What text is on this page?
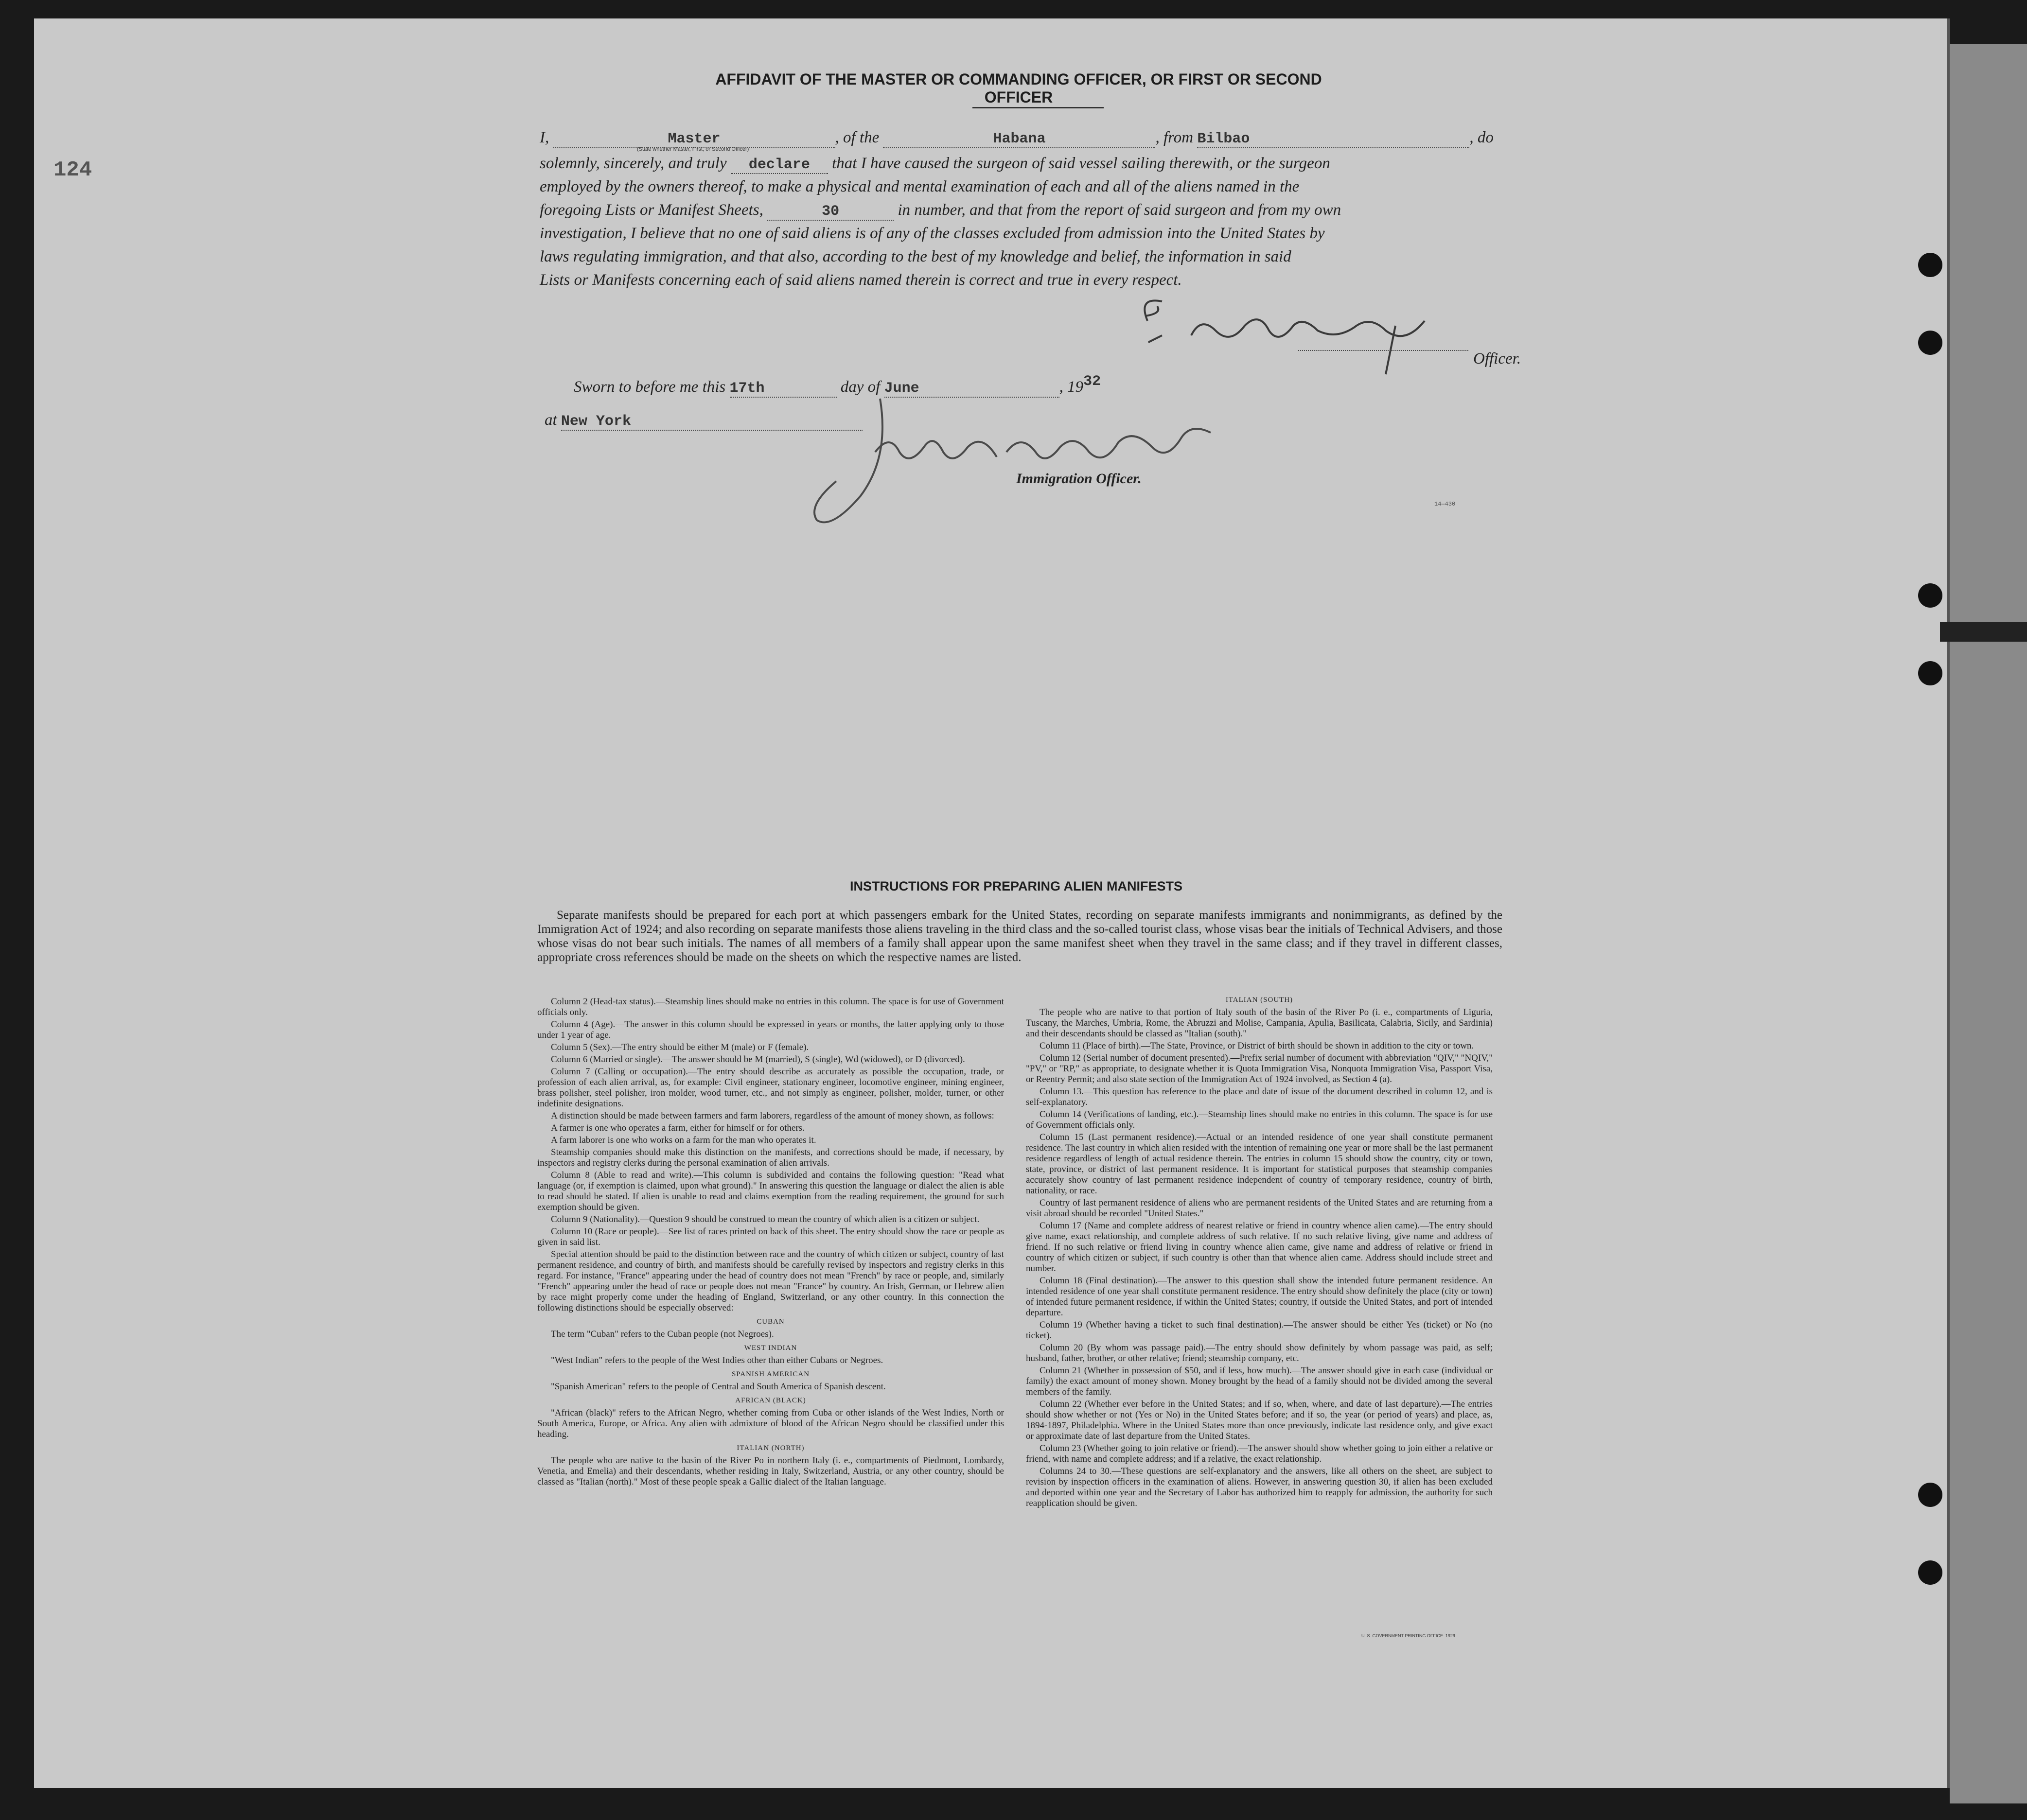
124
14—430
AFFIDAVIT OF THE MASTER OR COMMANDING OFFICER, OR FIRST OR SECOND OFFICER
I,	Master	, of the	Habana	, from Bilbao	, do
(State whether Master, First, or Second Officer)
solemnly, sincerely, and truly declare that I have caused the surgeon of said vessel sailing therewith, or the surgeon
employed by the owners thereof, to make a physical and mental examination of each and all of the aliens named in the
foregoing Lists or Manifest Sheets,	30	in number, and that from the report of said surgeon and from my own
investigation, I believe that no one of said aliens is of any of the classes excluded from admission into the United States by
laws regulating immigration, and that also, according to the best of my knowledge and belief, the information in said
Lists or Manifests concerning each of said aliens named therein is correct and true in every respect.
Officer.
Sworn to before me this 17th	day of June	, 1932
at New York
Immigration Officer.
INSTRUCTIONS FOR PREPARING ALIEN MANIFESTS
Separate manifests should be prepared for each port at which passengers embark for the United States, recording on separate manifests immigrants and nonimmigrants, as defined by the Immigration Act of 1924; and also recording on separate manifests those aliens traveling in the third class and the so-called tourist class, whose visas bear the initials of Technical Advisers, and those whose visas do not bear such initials. The names of all members of a family shall appear upon the same manifest sheet when they travel in the same class; and if they travel in different classes, appropriate cross references should be made on the sheets on which the respective names are listed.

Column 2 (Head-tax status).—Steamship lines should make no entries in this column. The space is for use of Government officials only.

Column 4 (Age).—The answer in this column should be expressed in years or months, the latter applying only to those under 1 year of age.

Column 5 (Sex).—The entry should be either M (male) or F (female).

Column 6 (Married or single).—The answer should be M (married), S (single), Wd (widowed), or D (divorced).

Column 7 (Calling or occupation).—The entry should describe as accurately as possible the occupation, trade, or profession of each alien arrival, as, for example: Civil engineer, stationary engineer, locomotive engineer, mining engineer, brass polisher, steel polisher, iron molder, wood turner, etc., and not simply as engineer, polisher, molder, turner, or other indefinite designations.

A distinction should be made between farmers and farm laborers, regardless of the amount of money shown, as follows:

A farmer is one who operates a farm, either for himself or for others.

A farm laborer is one who works on a farm for the man who operates it.

Steamship companies should make this distinction on the manifests, and corrections should be made, if necessary, by inspectors and registry clerks during the personal examination of alien arrivals.

Column 8 (Able to read and write).—This column is subdivided and contains the following question: "Read what language (or, if exemption is claimed, upon what ground)." In answering this question the language or dialect the alien is able to read should be stated. If alien is unable to read and claims exemption from the reading requirement, the ground for such exemption should be given.

Column 9 (Nationality).—Question 9 should be construed to mean the country of which alien is a citizen or subject.

Column 10 (Race or people).—See list of races printed on back of this sheet. The entry should show the race or people as given in said list.

Special attention should be paid to the distinction between race and the country of which citizen or subject, country of last permanent residence, and country of birth, and manifests should be carefully revised by inspectors and registry clerks in this regard. For instance, "France" appearing under the head of country does not mean "French" by race or people, and, similarly "French" appearing under the head of race or people does not mean "France" by country. An Irish, German, or Hebrew alien by race might properly come under the heading of England, Switzerland, or any other country. In this connection the following distinctions should be especially observed:

CUBAN

The term "Cuban" refers to the Cuban people (not Negroes).

WEST INDIAN

"West Indian" refers to the people of the West Indies other than either Cubans or Negroes.

SPANISH AMERICAN

"Spanish American" refers to the people of Central and South America of Spanish descent.

AFRICAN (BLACK)

"African (black)" refers to the African Negro, whether coming from Cuba or other islands of the West Indies, North or South America, Europe, or Africa. Any alien with admixture of blood of the African Negro should be classified under this heading.

ITALIAN (NORTH)

The people who are native to the basin of the River Po in northern Italy (i. e., compartments of Piedmont, Lombardy, Venetia, and Emelia) and their descendants, whether residing in Italy, Switzerland, Austria, or any other country, should be classed as "Italian (north)." Most of these people speak a Gallic dialect of the Italian language.

ITALIAN (SOUTH)

The people who are native to that portion of Italy south of the basin of the River Po (i. e., compartments of Liguria, Tuscany, the Marches, Umbria, Rome, the Abruzzi and Molise, Campania, Apulia, Basilicata, Calabria, Sicily, and Sardinia) and their descendants should be classed as "Italian (south)."

Column 11 (Place of birth).—The State, Province, or District of birth should be shown in addition to the city or town.

Column 12 (Serial number of document presented).—Prefix serial number of document with abbreviation "QIV," "NQIV," "PV," or "RP," as appropriate, to designate whether it is Quota Immigration Visa, Nonquota Immigration Visa, Passport Visa, or Reentry Permit; and also state section of the Immigration Act of 1924 involved, as Section 4 (a).

Column 13.—This question has reference to the place and date of issue of the document described in column 12, and is self-explanatory.

Column 14 (Verifications of landing, etc.).—Steamship lines should make no entries in this column. The space is for use of Government officials only.

Column 15 (Last permanent residence).—Actual or an intended residence of one year shall constitute permanent residence. The last country in which alien resided with the intention of remaining one year or more shall be the last permanent residence regardless of length of actual residence therein. The entries in column 15 should show the country, city or town, state, province, or district of last permanent residence. It is important for statistical purposes that steamship companies accurately show country of last permanent residence independent of country of temporary residence, country of birth, nationality, or race.

Country of last permanent residence of aliens who are permanent residents of the United States and are returning from a visit abroad should be recorded "United States."

Column 17 (Name and complete address of nearest relative or friend in country whence alien came).—The entry should give name, exact relationship, and complete address of such relative. If no such relative living, give name and address of friend. If no such relative or friend living in country whence alien came, give name and address of relative or friend in country of which citizen or subject, if such country is other than that whence alien came. Address should include street and number.

Column 18 (Final destination).—The answer to this question shall show the intended future permanent residence. An intended residence of one year shall constitute permanent residence. The entry should show definitely the place (city or town) of intended future permanent residence, if within the United States; country, if outside the United States, and port of intended departure.

Column 19 (Whether having a ticket to such final destination).—The answer should be either Yes (ticket) or No (no ticket).

Column 20 (By whom was passage paid).—The entry should show definitely by whom passage was paid, as self; husband, father, brother, or other relative; friend; steamship company, etc.

Column 21 (Whether in possession of $50, and if less, how much).—The answer should give in each case (individual or family) the exact amount of money shown. Money brought by the head of a family should not be divided among the several members of the family.

Column 22 (Whether ever before in the United States; and if so, when, where, and date of last departure).—The entries should show whether or not (Yes or No) in the United States before; and if so, the year (or period of years) and place, as, 1894-1897, Philadelphia. Where in the United States more than once previously, indicate last residence only, and give exact or approximate date of last departure from the United States.

Column 23 (Whether going to join relative or friend).—The answer should show whether going to join either a relative or friend, with name and complete address; and if a relative, the exact relationship.

Columns 24 to 30.—These questions are self-explanatory and the answers, like all others on the sheet, are subject to revision by inspection officers in the examination of aliens. However, in answering question 30, if alien has been excluded and deported within one year and the Secretary of Labor has authorized him to reapply for admission, the authority for such reapplication should be given.

U. S. GOVERNMENT PRINTING OFFICE: 1929
